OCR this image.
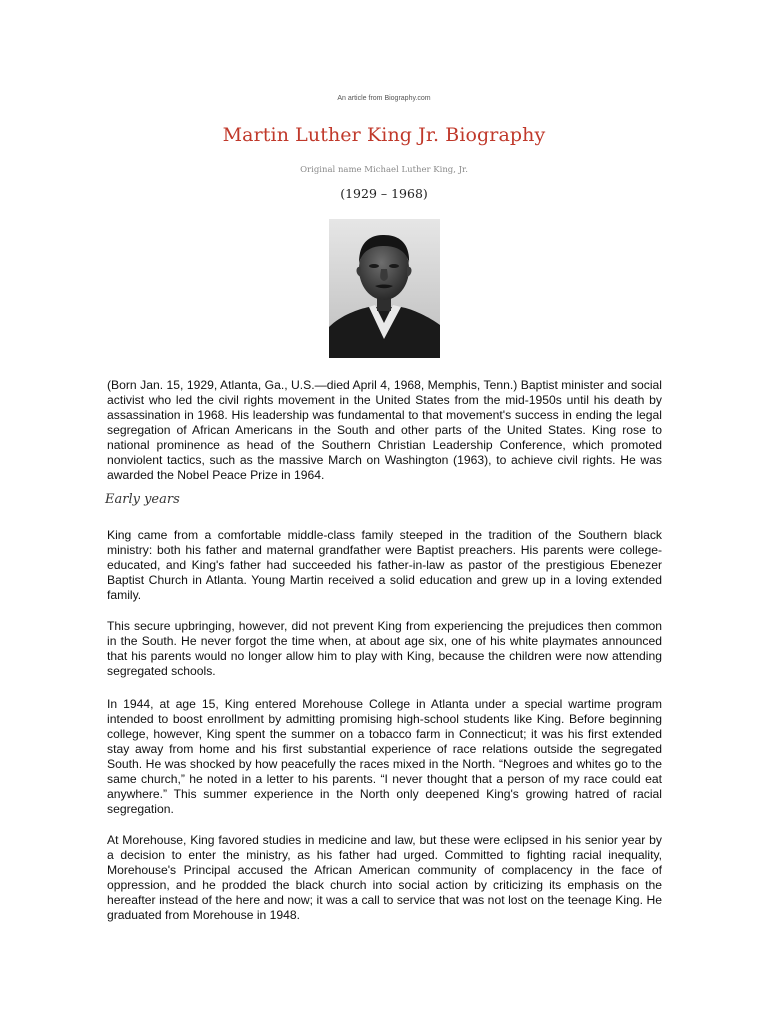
An article from Biography.com
Martin Luther King Jr. Biography
Original name Michael Luther King, Jr.
(1929 – 1968)
(Born Jan. 15, 1929, Atlanta, Ga., U.S.—died April 4, 1968, Memphis, Tenn.) Baptist minister and social activist who led the civil rights movement in the United States from the mid-1950s until his death by assassination in 1968. His leadership was fundamental to that movement's success in ending the legal segregation of African Americans in the South and other parts of the United States. King rose to national prominence as head of the Southern Christian Leadership Conference, which promoted nonviolent tactics, such as the massive March on Washington (1963), to achieve civil rights. He was awarded the Nobel Peace Prize in 1964.
Early years
King came from a comfortable middle-class family steeped in the tradition of the Southern black ministry: both his father and maternal grandfather were Baptist preachers. His parents were college-educated, and King's father had succeeded his father-in-law as pastor of the prestigious Ebenezer Baptist Church in Atlanta. Young Martin received a solid education and grew up in a loving extended family.
This secure upbringing, however, did not prevent King from experiencing the prejudices then common in the South. He never forgot the time when, at about age six, one of his white playmates announced that his parents would no longer allow him to play with King, because the children were now attending segregated schools.
In 1944, at age 15, King entered Morehouse College in Atlanta under a special wartime program intended to boost enrollment by admitting promising high-school students like King. Before beginning college, however, King spent the summer on a tobacco farm in Connecticut; it was his first extended stay away from home and his first substantial experience of race relations outside the segregated South. He was shocked by how peacefully the races mixed in the North. “Negroes and whites go to the same church,” he noted in a letter to his parents. “I never thought that a person of my race could eat anywhere.” This summer experience in the North only deepened King's growing hatred of racial segregation.
At Morehouse, King favored studies in medicine and law, but these were eclipsed in his senior year by a decision to enter the ministry, as his father had urged. Committed to fighting racial inequality, Morehouse's Principal accused the African American community of complacency in the face of oppression, and he prodded the black church into social action by criticizing its emphasis on the hereafter instead of the here and now; it was a call to service that was not lost on the teenage King. He graduated from Morehouse in 1948.
